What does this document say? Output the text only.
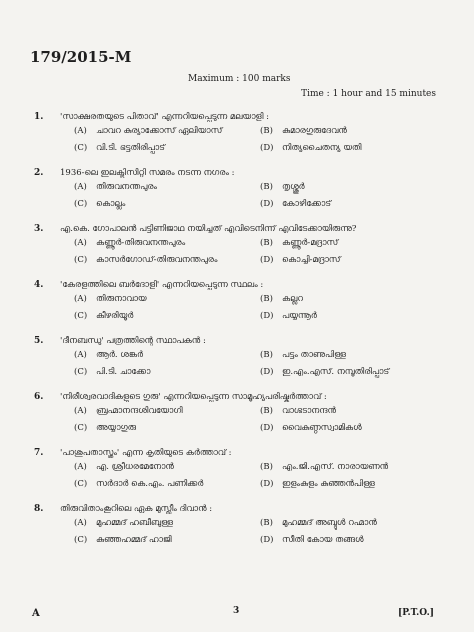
179/2015-M
Maximum : 100 marks
Time : 1 hour and 15 minutes
1. 'സാക്ഷരതയുടെ പിതാവ്' എന്നറിയപ്പെടുന്ന മലയാളി :
(A) ചാവറ കുര്യാക്കോസ് ഏലിയാസ്	(B) കുമാരഗുരുദേവൻ
(C) വി.ടി. ഭട്ടതിരിപ്പാട്	(D) നിത്യചൈതന്യ യതി
2. 1936-ലെ ഇലക്ട്രിസിറ്റി സമരം നടന്ന നഗരം :
(A) തിരുവനന്തപുരം	(B) തൃശ്ശൂർ
(C) കൊല്ലം	(D) കോഴിക്കോട്
3. എ.കെ. ഗോപാലൻ പട്ടിണിജാഥ നയിച്ചത് എവിടെനിന്ന് എവിടേക്കായിരുന്നു?
(A) കണ്ണൂർ-തിരുവനന്തപുരം	(B) കണ്ണൂർ-മദ്രാസ്
(C) കാസർഗോഡ്-തിരുവനന്തപുരം	(D) കൊച്ചി-മദ്രാസ്
4. 'കേരളത്തിലെ ബർദോളി' എന്നറിയപ്പെടുന്ന സ്ഥലം :
(A) തിരുനാവായ	(B) കല്ലറ
(C) കീഴരിയൂർ	(D) പയ്യന്നൂർ
5. 'ദീനബന്ധു' പത്രത്തിന്റെ സ്ഥാപകൻ :
(A) ആർ. ശങ്കർ	(B) പട്ടം താണുപിള്ള
(C) പി.ടി. ചാക്കോ	(D) ഇ.എം.എസ്. നമ്പൂതിരിപ്പാട്
6. 'നിരീശ്വരവാദികളുടെ ഗുരു' എന്നറിയപ്പെടുന്ന സാമൂഹ്യപരിഷ്കർത്താവ് :
(A) ബ്രഹ്മാനന്ദശിവയോഗി	(B) വാഗ്ഭടാനന്ദൻ
(C) അയ്യാഗുരു	(D) വൈകുണ്ഠസ്വാമികൾ
7. 'പാശുപതാസ്ത്രം' എന്ന കൃതിയുടെ കർത്താവ് :
(A) എ. ശ്രീധരമേനോൻ	(B) എം.ജി.എസ്. നാരായണൻ
(C) സർദാർ കെ.എം. പണിക്കർ	(D) ഇളംകുളം കുഞ്ഞൻപിള്ള
8. തിരുവിതാംകൂറിലെ ഏക മുസ്ലീം ദിവാൻ :
(A) മുഹമ്മദ് ഹബീബുള്ള	(B) മുഹമ്മദ് അബ്ദുൾ റഹ്മാൻ
(C) കുഞ്ഞഹമ്മദ് ഹാജി	(D) സീതി കോയ തങ്ങൾ
A	3	[P.T.O.]
